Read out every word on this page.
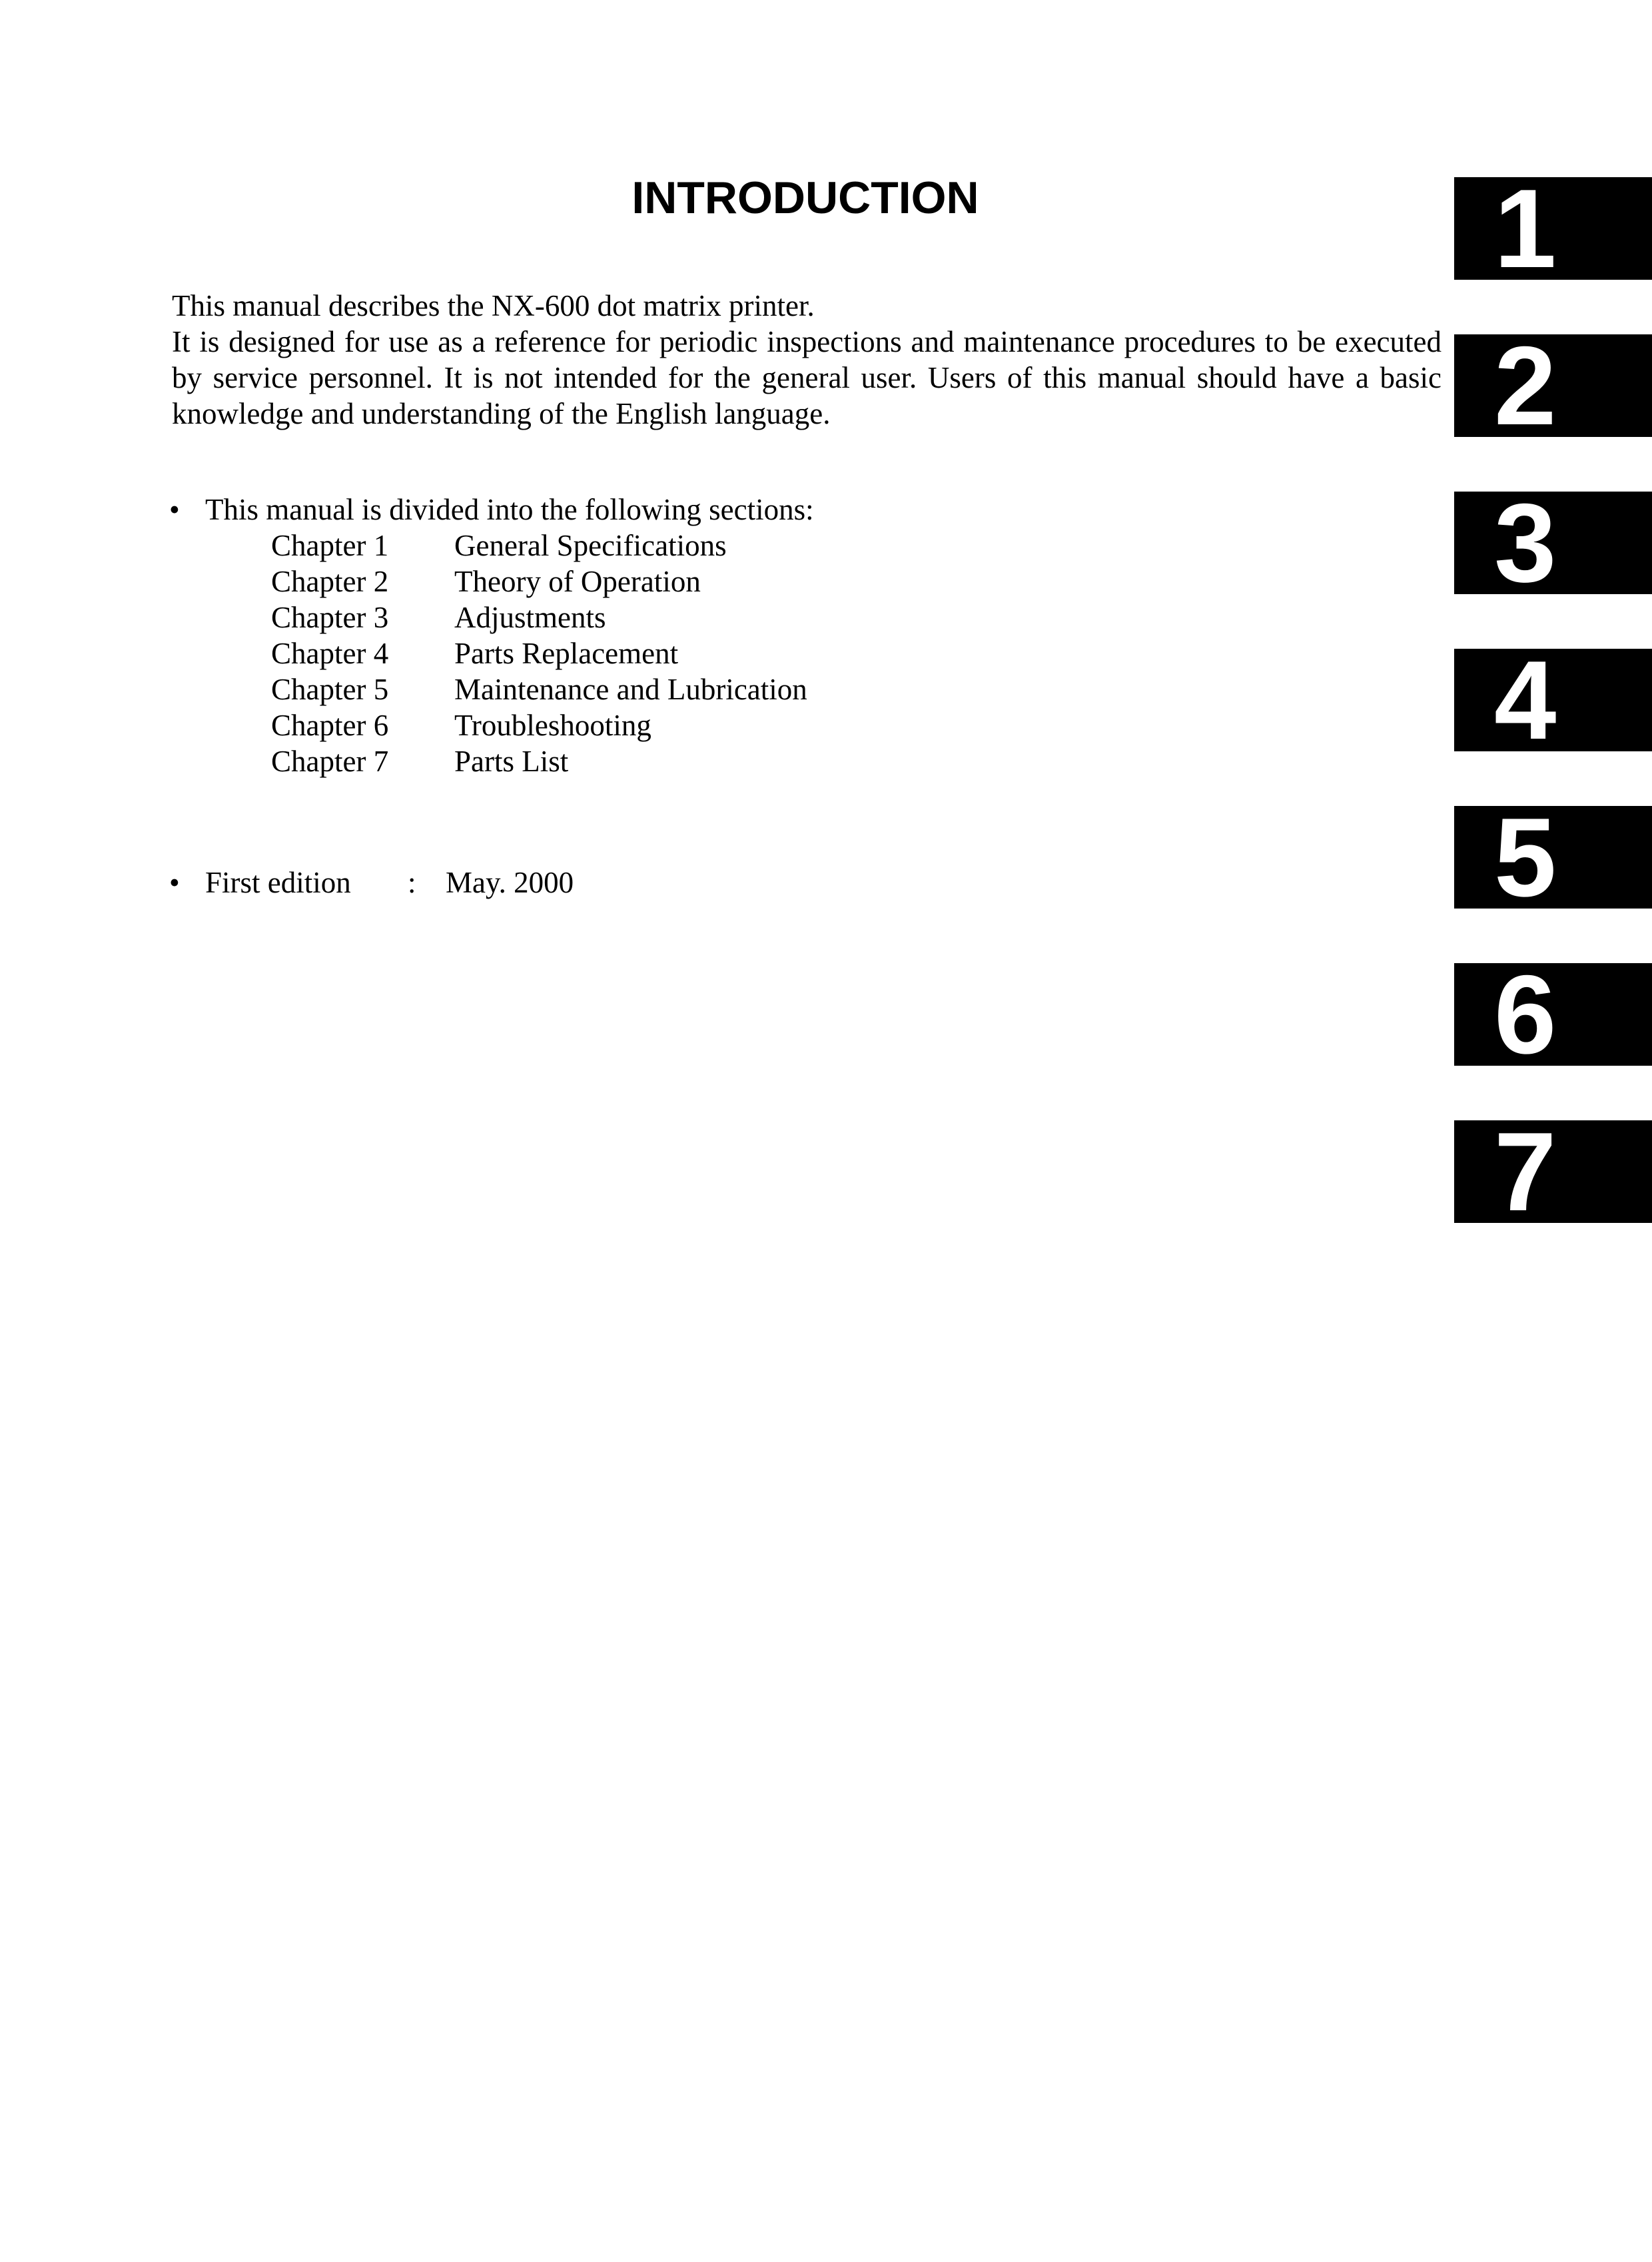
INTRODUCTION

This manual describes the NX-600 dot matrix printer.

It is designed for use as a reference for periodic inspections and maintenance procedures to be executed by service personnel. It is not intended for the general user. Users of this manual should have a basic knowledge and understanding of the English language.

• This manual is divided into the following sections:
Chapter 1	General Specifications
Chapter 2	Theory of Operation
Chapter 3	Adjustments
Chapter 4	Parts Replacement
Chapter 5	Maintenance and Lubrication
Chapter 6	Troubleshooting
Chapter 7	Parts List
• First edition : May. 2000
1
2
3
4
5
6
7
